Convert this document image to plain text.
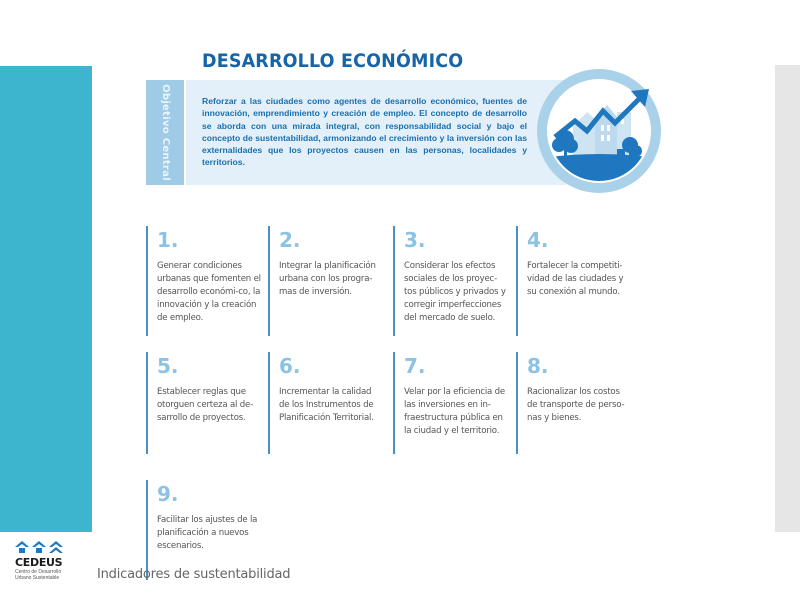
DESARROLLO ECONÓMICO
Objetivo Central	Reforzar a las ciudades como agentes de desarrollo económico, fuentes de innovación, emprendimiento y creación de empleo. El concepto de desarrollo se aborda con una mirada integral, con responsabilidad social y bajo el concepto de sustentabilidad, armonizando el crecimiento y la inversión con las externalidades que los proyectos causen en las personas, localidades y territorios.
1.
Generar condiciones urbanas que fomenten el desarrollo económi-co, la innovación y la creación de empleo.
2.
Integrar la planificación urbana con los progra-mas de inversión.
3.
Considerar los efectos sociales de los proyec-tos públicos y privados y corregir imperfecciones del mercado de suelo.
4.
Fortalecer la competiti-vidad de las ciudades y su conexión al mundo.
5.
Establecer reglas que otorguen certeza al de-sarrollo de proyectos.
6.
Incrementar la calidad de los Instrumentos de Planificación Territorial.
7.
Velar por la eficiencia de las inversiones en in-fraestructura pública en la ciudad y el territorio.
8.
Racionalizar los costos de transporte de perso-nas y bienes.
9.
Facilitar los ajustes de la planificación a nuevos escenarios.
CEDEUS
Centro de Desarrollo
Urbano Sustentable	Indicadores de sustentabilidad
